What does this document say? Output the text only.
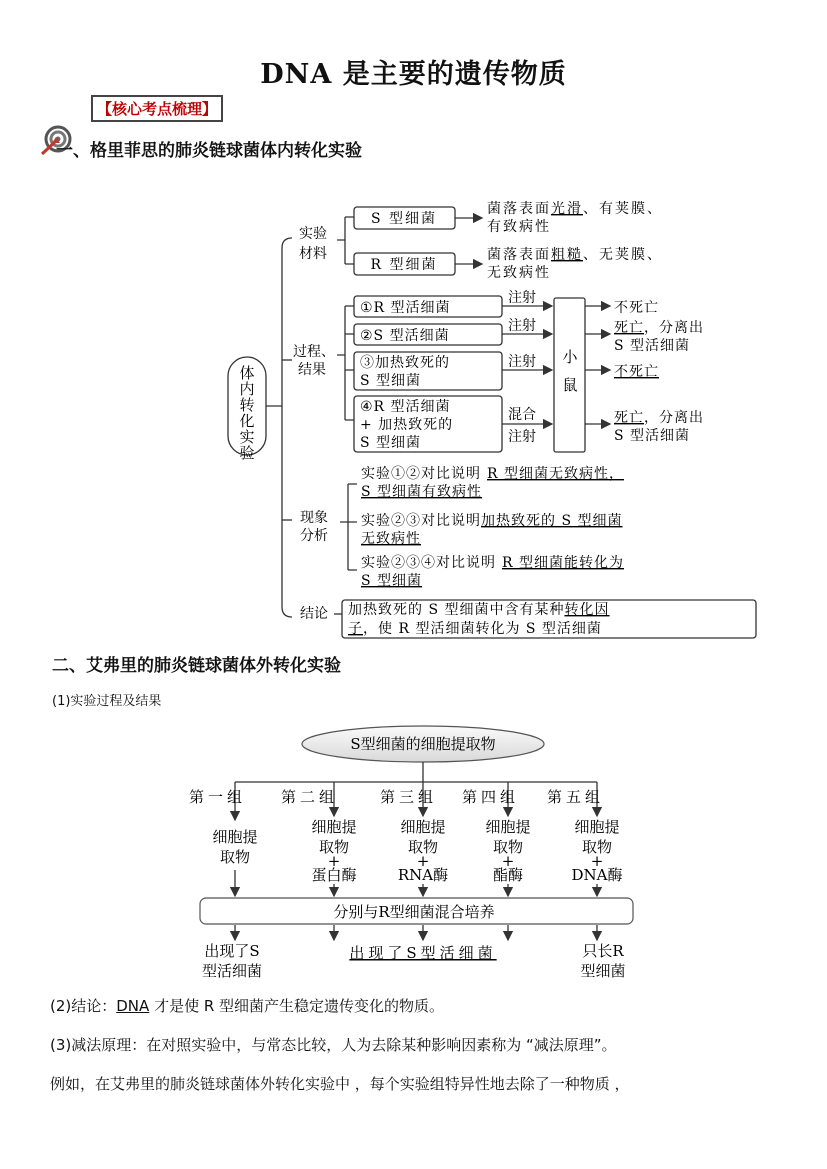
DNA 是主要的遗传物质
【核心考点梳理】
一、格里菲思的肺炎链球菌体内转化实验
体内转化实验
实验
材料
过程、
结果
现象
分析
结论
S 型细菌
R 型细菌
菌落表面光滑、有荚膜、
有致病性
菌落表面粗糙、无荚膜、
无致病性
①R 型活细菌
②S 型活细菌
③加热致死的
S 型细菌
④R 型活细菌
+ 加热致死的
S 型细菌
注射
注射
注射
混合
注射
小
鼠
不死亡
死亡，分离出
S 型活细菌
不死亡
死亡，分离出
S 型活细菌
实验①②对比说明 R 型细菌无致病性，
S 型细菌有致病性
实验②③对比说明加热致死的 S 型细菌
无致病性
实验②③④对比说明 R 型细菌能转化为
S 型细菌
加热致死的 S 型细菌中含有某种转化因
子，使 R 型活细菌转化为 S 型活细菌
二、艾弗里的肺炎链球菌体外转化实验
(1)实验过程及结果
S型细菌的细胞提取物
第一组 第二组	第三组 第四组 第五组
细胞提
取物
细胞提
取物
+
蛋白酶
细胞提
取物
+
RNA酶
细胞提
取物
+
酯酶
细胞提
取物
+
DNA酶
分别与R型细菌混合培养
出现了S
型活细菌
出现了S型活细菌	只长R
型细菌
(2)结论：DNA 才是使 R 型细菌产生稳定遗传变化的物质。
(3)减法原理：在对照实验中，与常态比较，人为去除某种影响因素称为 “减法原理”。
例如，在艾弗里的肺炎链球菌体外转化实验中 ，每个实验组特异性地去除了一种物质 ，
